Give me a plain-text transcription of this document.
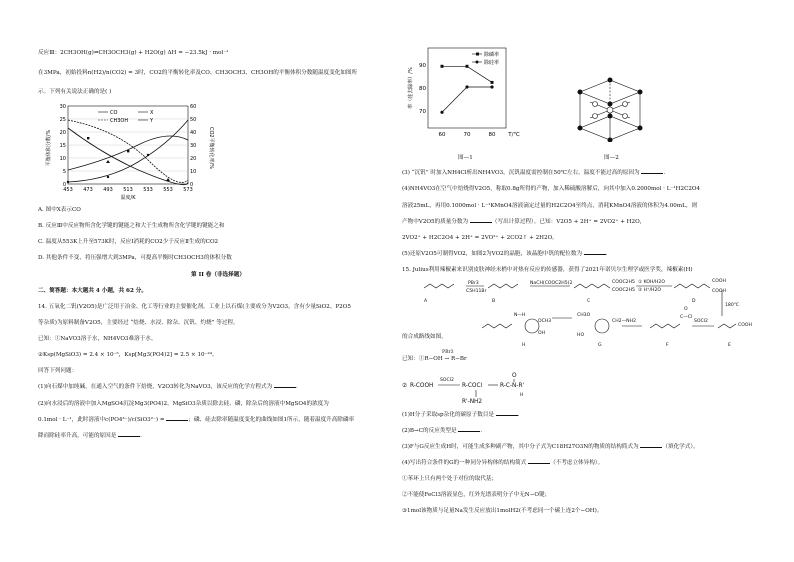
反应Ⅲ：2CH3OH(g)⇌CH3OCH3(g) + H2O(g) ΔH = −23.5kJ · mol⁻¹
在3MPa，初始投料n(H2)/n(CO2) = 3时，CO2的平衡转化率及CO、CH3OCH3、CH3OH的平衡体积分数随温度变化如图所
示。下列有关说法正确的是( )
CO
CH3OH
X
Y
453 473 493 513 533 553 573
温度/K
0
5
10
15
20
25
30
0
10
20
30
40
50
60
平衡体积分数/%	CO2平衡转化率/%
A. 图中X表示CO
B. 反应Ⅲ中反应物所含化学键的键能之和大于生成物所含化学键的键能之和
C. 温度从553K上升至573K时，反应Ⅰ消耗的CO2少于反应Ⅱ生成的CO2
D. 其他条件不变，将压强增大到3MPa，可提高平衡时CH3OCH3的体积分数
第 II 卷（非选择题）
二、简答题：本大题共 4 小题，共 62 分。
14. 五氧化二钒(V2O5)是广泛用于冶金、化工等行业的主要催化剂。工业上以石煤(主要成分为V2O3，含有少量SiO2、P2O5
等杂质)为原料制备V2O5，主要经过 “焙烧、水浸、除杂、沉钒、灼烧” 等过程。
已知：①NaVO3溶于水，NH4VO3难溶于水。
②Ksp(MgSiO3) = 2.4 × 10⁻⁵，Ksp[Mg3(PO4)2] = 2.5 × 10⁻²⁴。
回答下列问题：
(1)向石煤中加纯碱，在通入空气的条件下焙烧，V2O3转化为NaVO3，该反应的化学方程式为	.
(2)向水浸后的溶液中加入MgSO4沉淀Mg3(PO4)2、MgSiO3杂质以除去硅、磷，除杂后的溶液中MgSO4的浓度为
0.1mol · L⁻¹，此时溶液中c(PO4³⁻)/c(SiO3²⁻) =	；磷、硅去除率随温度变化的曲线如图1所示，随着温度升高除磷率
降而除硅率升高，可能的原因是	.
除磷率
除硅率
60	70	80 T/℃
70
80
90
率（硅去除率）/%
图—1	图—2
(3) “沉钒” 时加入NH4Cl析出NH4VO3，沉钒温度需控制在50℃左右，温度不能过高的原因为	.
(4)NH4VO3在空气中焙烧得V2O5，称取0.8g所得的产物，加入稀硫酸溶解后，向其中加入0.2000mol · L⁻¹H2C2O4
溶液25mL，再用0.1000mol · L⁻¹KMnO4溶液滴定过量的H2C2O4至终点，消耗KMnO4溶液的体积为4.00mL，则
产物中V2O5的质量分数为	（写出计算过程）。已知：V2O5 + 2H⁺ = 2VO2⁺ + H2O，
2VO2⁺ + H2C2O4 + 2H⁺ = 2VO²⁺ + 2CO2↑ + 2H2O。
(5)还原V2O5可制得VO2，如图2为VO2的晶胞，该晶胞中钒的配位数为	.
15. Julius利用辣椒素来识别皮肤神经末梢中对热有反应的传感器，获得了2021年诺贝尔生理学或医学奖，辣椒素(H)
PBr3
C5H11Br
NaCH(COOC2H5)2	COOC2H5
COOC2H5
① KOH/H2O
② H⁺/H2O
COOH
COOH
180℃
A	B	C	D
N—H
OCH3
OH
CH3O
HO
CH2—NH2
C—Cl
O
SOCl2
COOH
H	G	F	E
的合成路线如图。
已知：①R−OH → R−Br
PBr3
② R-COOH
SOCl2
R-COCl	R-C-N-R'
O
H
R'-NH2
(1)H分子采取sp杂化的碳原子数目是	.
(2)B→C的反应类型是	.
(3)F与G反应生成H时，可能生成多种副产物，其中分子式为C18H27O3N的物质的结构简式为	（填化学式）。
(4)写出符合条件的G的一种同分异构体的结构简式	（不考虑立体异构）。
①苯环上只有两个处于对位的取代基；
②不能使FeCl3溶液显色，红外光谱表明分子中无N−O键；
③1mol该物质与足量Na发生反应放出1molH2(不考虑同一个碳上连2个−OH)。
